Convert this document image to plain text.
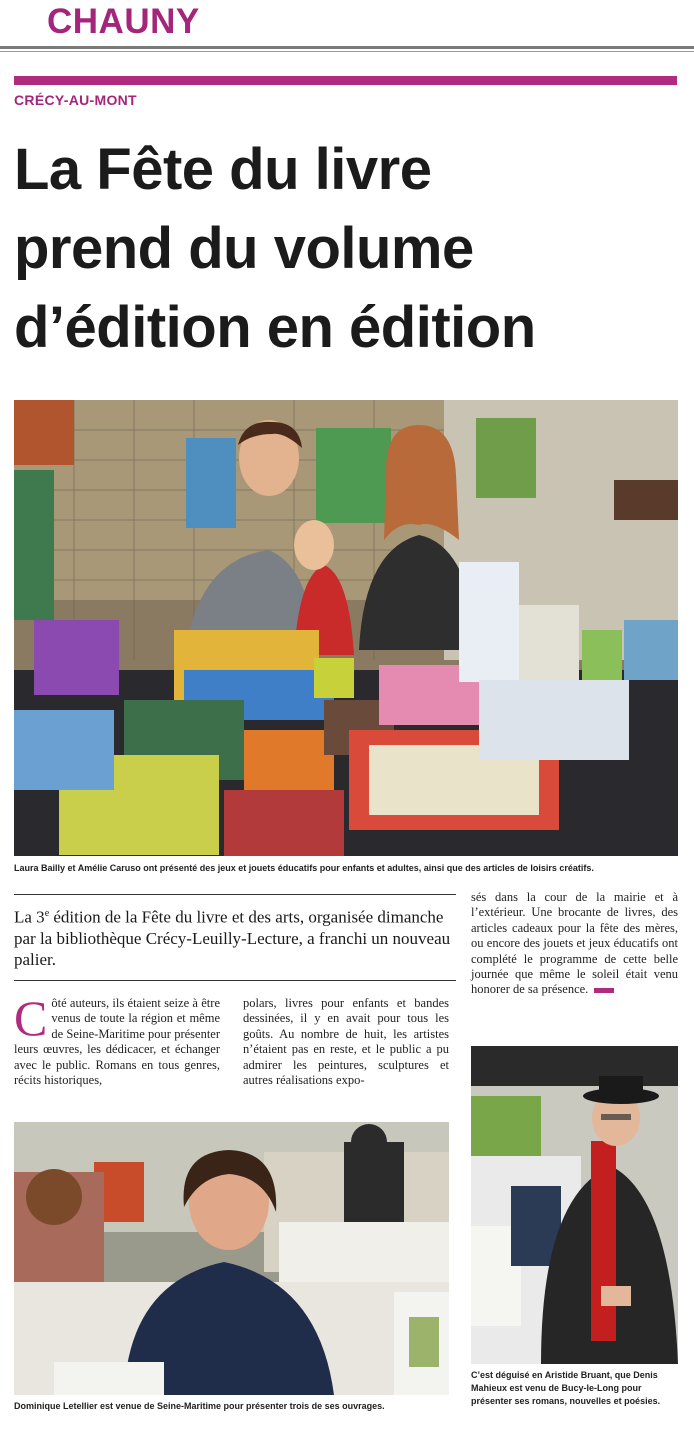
CHAUNY
CRÉCY-AU-MONT
La Fête du livre
prend du volume
d’édition en édition
Laura Bailly et Amélie Caruso ont présenté des jeux et jouets éducatifs pour enfants et adultes, ainsi que des articles de loisirs créatifs.
La 3e édition de la Fête du livre et des arts, organisée dimanche par la bibliothèque Crécy-Leuilly-Lecture, a franchi un nouveau palier.
Côté auteurs, ils étaient seize à être venus de toute la région et même de Seine-Maritime pour présenter leurs œuvres, les dédicacer, et échanger avec le public. Romans en tous genres, récits historiques,
polars, livres pour enfants et bandes dessinées, il y en avait pour tous les goûts. Au nombre de huit, les artistes n’étaient pas en reste, et le public a pu admirer les peintures, sculptures et autres réalisations expo-
sés dans la cour de la mairie et à l’extérieur. Une brocante de livres, des articles cadeaux pour la fête des mères, ou encore des jouets et jeux éducatifs ont complété le programme de cette belle journée que même le soleil était venu honorer de sa présence.
Dominique Letellier est venue de Seine-Maritime pour présenter trois de ses ouvrages.
C’est déguisé en Aristide Bruant, que Denis Mahieux est venu de Bucy-le-Long pour présenter ses romans, nouvelles et poésies.
